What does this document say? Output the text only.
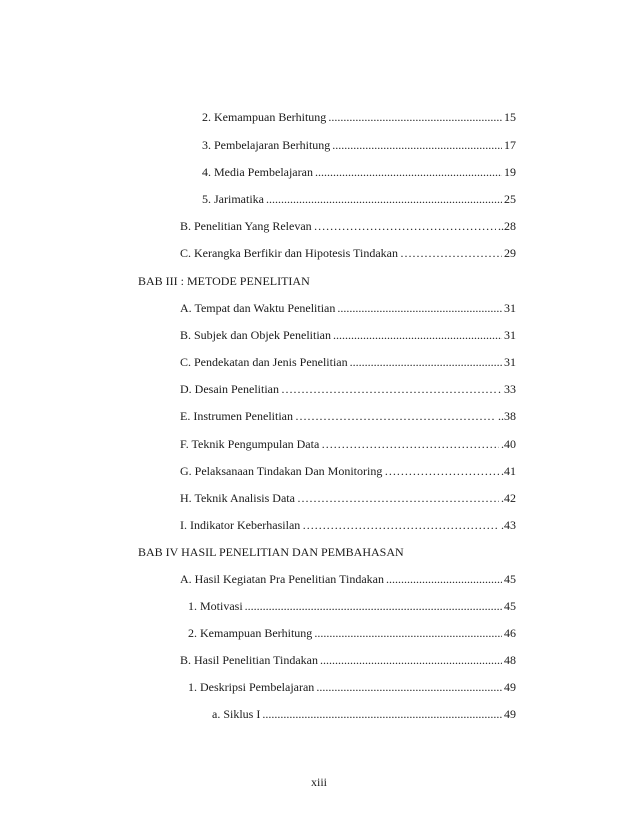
2. Kemampuan Berhitung .....	15
3. Pembelajaran Berhitung .....	17
4. Media Pembelajaran .....	19
5. Jarimatika .....	25
B. Penelitian Yang Relevan ……………………………………………………………………………………………………………………………………………………………………	..28
C. Kerangka Berfikir dan Hipotesis Tindakan ……………………………………………………………………………………………………………………………………………………………………	29
BAB III : METODE PENELITIAN
A. Tempat dan Waktu Penelitian .....	31
B. Subjek dan Objek Penelitian .....	31
C. Pendekatan dan Jenis Penelitian .....	31
D. Desain Penelitian ……………………………………………………………………………………………………………………………………………………………………	. 33
E. Instrumen Penelitian ……………………………………………………………………………………………………………………………………………………………………	..38
F. Teknik Pengumpulan Data ……………………………………………………………………………………………………………………………………………………………………	.40
G. Pelaksanaan Tindakan Dan Monitoring ……………………………………………………………………………………………………………………………………………………………………	.41
H. Teknik Analisis Data ……………………………………………………………………………………………………………………………………………………………………	.42
I. Indikator Keberhasilan ……………………………………………………………………………………………………………………………………………………………………	.43
BAB IV HASIL PENELITIAN DAN PEMBAHASAN
A. Hasil Kegiatan Pra Penelitian Tindakan .....	45
1. Motivasi .....	45
2. Kemampuan Berhitung .....	46
B. Hasil Penelitian Tindakan .....	48
1. Deskripsi Pembelajaran .....	49
a. Siklus I .....	49
xiii
